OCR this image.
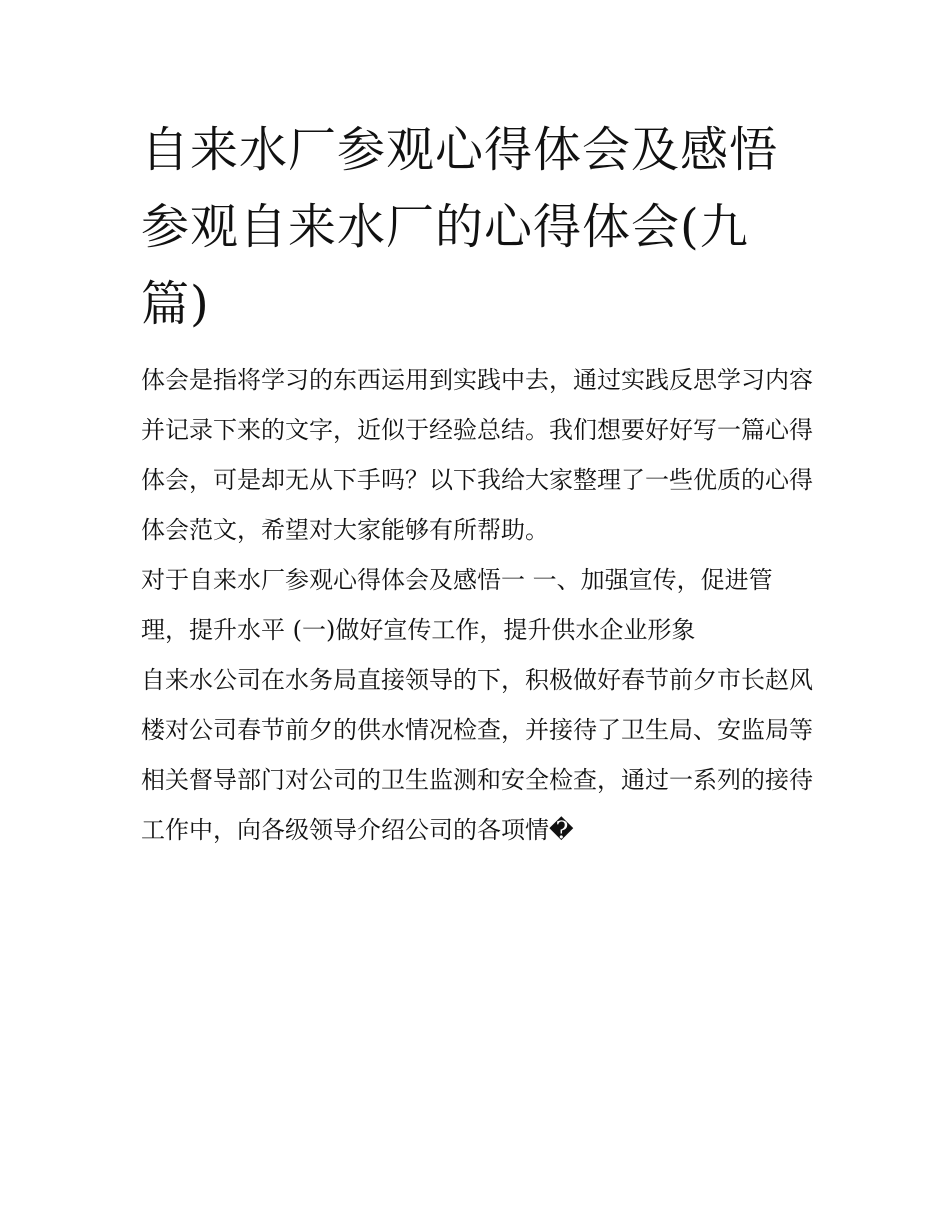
自来水厂参观心得体会及感悟参观自来水厂的心得体会(九篇)

体会是指将学习的东西运用到实践中去，通过实践反思学习内容并记录下来的文字，近似于经验总结。我们想要好好写一篇心得体会，可是却无从下手吗？以下我给大家整理了一些优质的心得体会范文，希望对大家能够有所帮助。

对于自来水厂参观心得体会及感悟一 一、加强宣传，促进管理，提升水平 (一)做好宣传工作，提升供水企业形象

自来水公司在水务局直接领导的下，积极做好春节前夕市长赵风楼对公司春节前夕的供水情况检查，并接待了卫生局、安监局等相关督导部门对公司的卫生监测和安全检查，通过一系列的接待工作中，向各级领导介绍公司的各项情�
